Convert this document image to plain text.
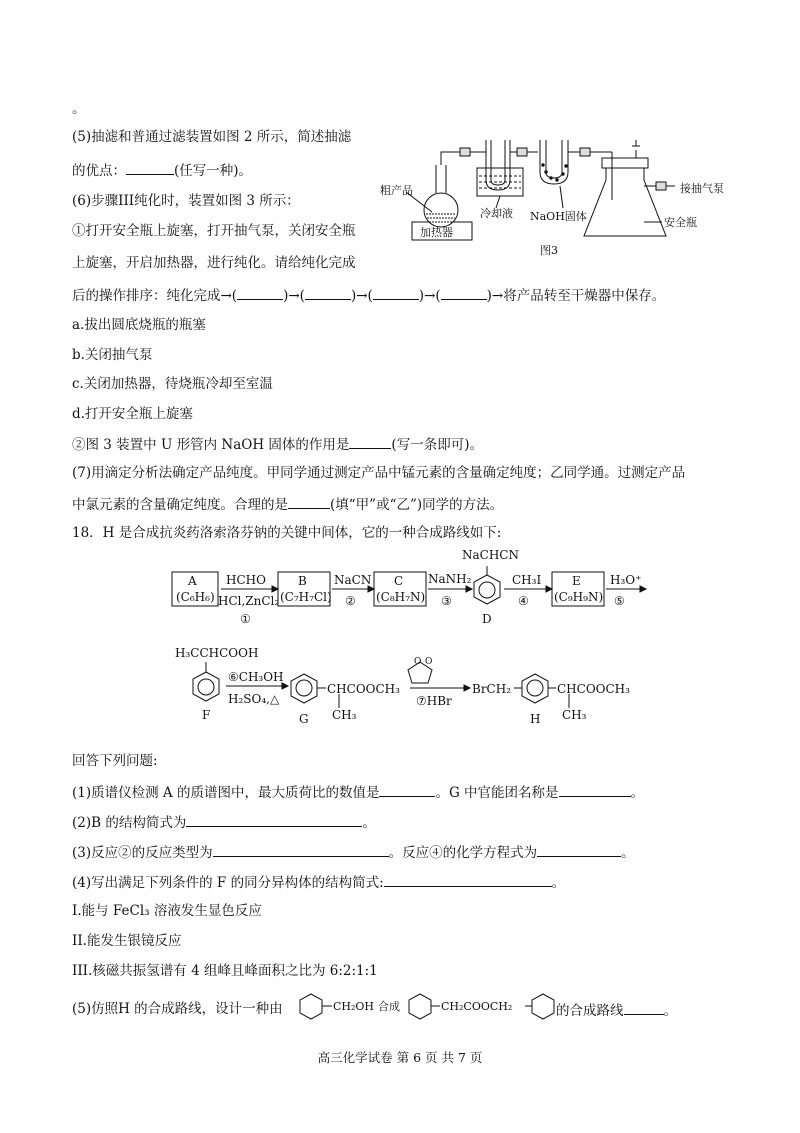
。
(5)抽滤和普通过滤装置如图 2 所示，简述抽滤
的优点：	(任写一种)。
(6)步骤III纯化时，装置如图 3 所示：
①打开安全瓶上旋塞，打开抽气泵，关闭安全瓶
上旋塞，开启加热器，进行纯化。请给纯化完成
后的操作排序：纯化完成→(	)→(	)→(	)→(	)→将产品转至干燥器中保存。
a.拔出圆底烧瓶的瓶塞
b.关闭抽气泵
c.关闭加热器，待烧瓶冷却至室温
d.打开安全瓶上旋塞
②图 3 装置中 U 形管内 NaOH 固体的作用是	(写一条即可)。
(7)用滴定分析法确定产品纯度。甲同学通过测定产品中锰元素的含量确定纯度；乙同学通。过测定产品
中氯元素的含量确定纯度。合理的是	(填“甲”或“乙”)同学的方法。
粗产品
加热器
冷却液 NaOH固体
接抽气泵
安全瓶
图3
18．H 是合成抗炎药洛索洛芬钠的关键中间体，它的一种合成路线如下:
A
(C₆H₆)
HCHO
HCl,ZnCl₂
①
B
(C₇H₇Cl)
NaCN
②
C
(C₈H₇N)
NaNH₂
③
NaCHCN
D
CH₃I
④
E
(C₉H₉N)
H₃O⁺
⑤
O O
H₃CCHCOOH
F
⑥CH₃OH
H₂SO₄,△
CHCOOCH₃
CH₃
G
⑦HBr
BrCH₂	CHCOOCH₃
CH₃
H
回答下列问题:
(1)质谱仪检测 A 的质谱图中，最大质荷比的数值是	。G 中官能团名称是	。
(2)B 的结构简式为	。
(3)反应②的反应类型为	。反应④的化学方程式为	。
(4)写出满足下列条件的 F 的同分异构体的结构简式:	。
I.能与 FeCl₃ 溶液发生显色反应
II.能发生银镜反应
III.核磁共振氢谱有 4 组峰且峰面积之比为 6:2:1:1
(5)仿照H 的合成路线，设计一种由	CH₂OH 合成	CH₂COOCH₂	的合成路线	。
高三化学试卷 第 6 页 共 7 页
